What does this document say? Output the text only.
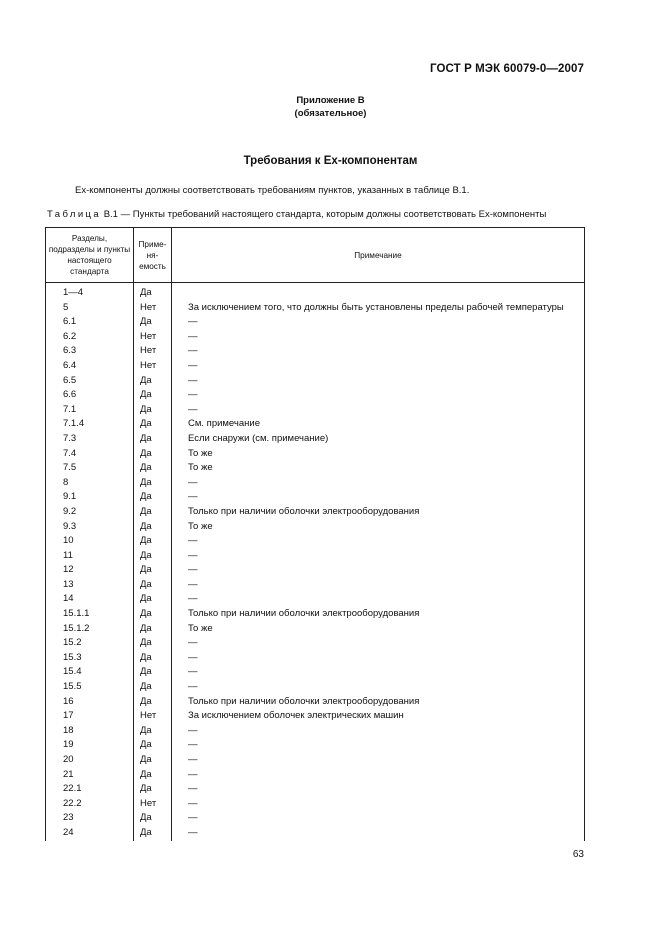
ГОСТ Р МЭК 60079-0—2007
Приложение В
(обязательное)
Требования к Ex-компонентам
Ex-компоненты должны соответствовать требованиям пунктов, указанных в таблице В.1.
Таблица В.1 — Пункты требований настоящего стандарта, которым должны соответствовать Ex-компоненты
Разделы, подразделы и пункты настоящего стандарта	Приме-ня-емость	Примечание
1—4	Да	
5	Нет	За исключением того, что должны быть установлены пределы рабочей температуры
6.1	Да	—
6.2	Нет	—
6.3	Нет	—
6.4	Нет	—
6.5	Да	—
6.6	Да	—
7.1	Да	—
7.1.4	Да	См. примечание
7.3	Да	Если снаружи (см. примечание)
7.4	Да	То же
7.5	Да	То же
8	Да	—
9.1	Да	—
9.2	Да	Только при наличии оболочки электрооборудования
9.3	Да	То же
10	Да	—
11	Да	—
12	Да	—
13	Да	—
14	Да	—
15.1.1	Да	Только при наличии оболочки электрооборудования
15.1.2	Да	То же
15.2	Да	—
15.3	Да	—
15.4	Да	—
15.5	Да	—
16	Да	Только при наличии оболочки электрооборудования
17	Нет	За исключением оболочек электрических машин
18	Да	—
19	Да	—
20	Да	—
21	Да	—
22.1	Да	—
22.2	Нет	—
23	Да	—
24	Да	—
63
